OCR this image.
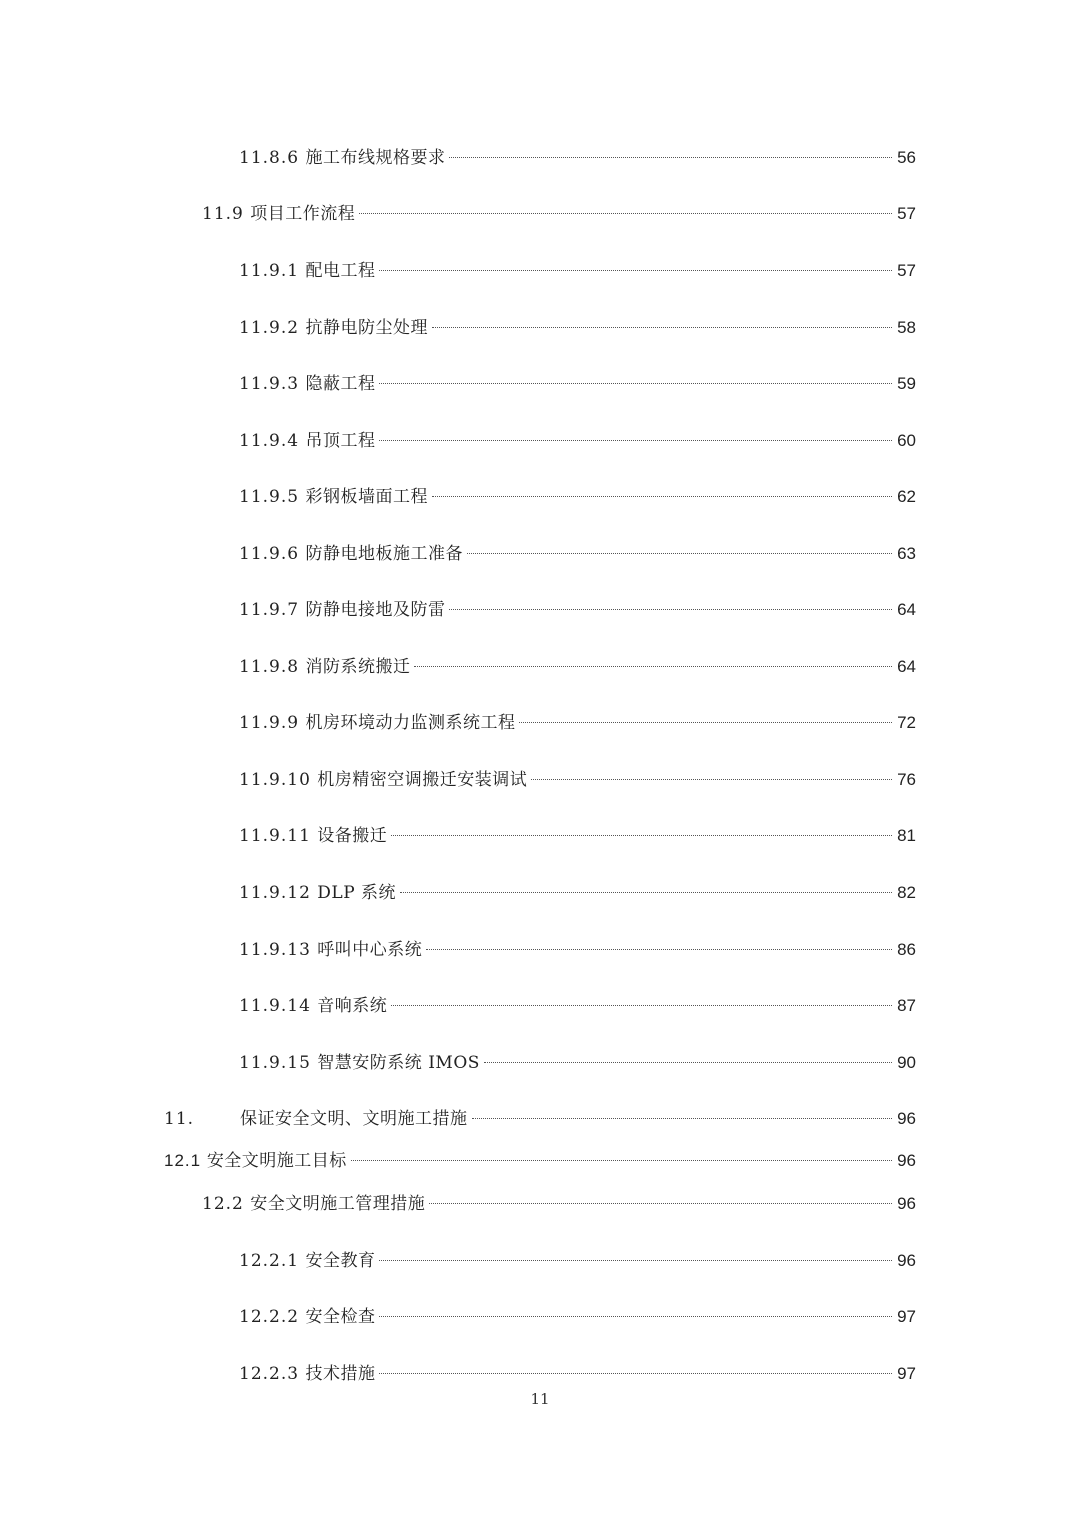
11.8.6 施工布线规格要求	56
11.9 项目工作流程	57
11.9.1 配电工程	57
11.9.2 抗静电防尘处理	58
11.9.3 隐蔽工程	59
11.9.4 吊顶工程	60
11.9.5 彩钢板墙面工程	62
11.9.6 防静电地板施工准备	63
11.9.7 防静电接地及防雷	64
11.9.8 消防系统搬迁	64
11.9.9 机房环境动力监测系统工程	72
11.9.10 机房精密空调搬迁安装调试	76
11.9.11 设备搬迁	81
11.9.12 DLP 系统	82
11.9.13 呼叫中心系统	86
11.9.14 音响系统	87
11.9.15 智慧安防系统 IMOS	90
11.	保证安全文明、文明施工措施	96
12.1 安全文明施工目标	96
12.2 安全文明施工管理措施	96
12.2.1 安全教育	96
12.2.2 安全检查	97
12.2.3 技术措施	97
11
